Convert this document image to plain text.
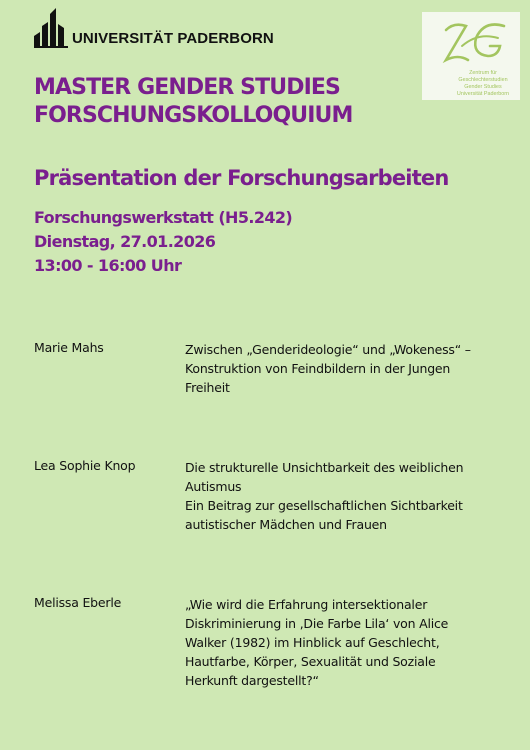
UNIVERSITÄT PADERBORN
Zentrum für
Geschlechterstudien
Gender Studies
Universität Paderborn
MASTER GENDER STUDIES
FORSCHUNGSKOLLOQUIUM
Präsentation der Forschungsarbeiten
Forschungswerkstatt (H5.242)
Dienstag, 27.01.2026
13:00 - 16:00 Uhr
Marie Mahs	Zwischen „Genderideologie“ und „Wokeness“ –
Konstruktion von Feindbildern in der Jungen
Freiheit
Lea Sophie Knop	Die strukturelle Unsichtbarkeit des weiblichen
Autismus
Ein Beitrag zur gesellschaftlichen Sichtbarkeit
autistischer Mädchen und Frauen
Melissa Eberle	„Wie wird die Erfahrung intersektionaler
Diskriminierung in ‚Die Farbe Lila‘ von Alice
Walker (1982) im Hinblick auf Geschlecht,
Hautfarbe, Körper, Sexualität und Soziale
Herkunft dargestellt?“
